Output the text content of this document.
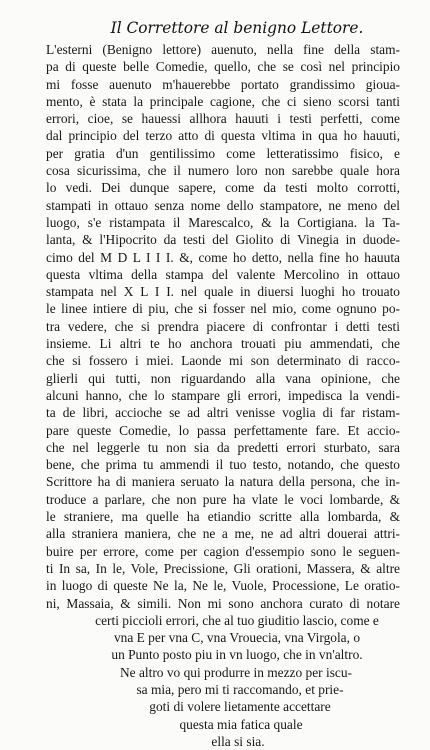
Il Correttore al benigno Lettore.
L'esterni (Benigno lettore) auenuto, nella fine della stam-
pa di queste belle Comedie, quello, che se così nel principio
mi fosse auenuto m'hauerebbe portato grandissimo gioua-
mento, è stata la principale cagione, che ci sieno scorsi tanti
errori, cioe, se hauessi allhora hauuti i testi perfetti, come
dal principio del terzo atto di questa vltima in qua ho hauuti,
per gratia d'un gentilissimo come letteratissimo fisico, e
cosa sicurissima, che il numero loro non sarebbe quale hora
lo vedi. Dei dunque sapere, come da testi molto corrotti,
stampati in ottauo senza nome dello stampatore, ne meno del
luogo, s'e ristampata il Marescalco, & la Cortigiana. la Ta-
lanta, & l'Hipocrito da testi del Giolito di Vinegia in duode-
cimo del M D L I I I. &, come ho detto, nella fine ho hauuta
questa vltima della stampa del valente Mercolino in ottauo
stampata nel X L I I. nel quale in diuersi luoghi ho trouato
le linee intiere di piu, che si fosser nel mio, come ognuno po-
tra vedere, che si prendra piacere di confrontar i detti testi
insieme. Li altri te ho anchora trouati piu ammendati, che
che si fossero i miei. Laonde mi son determinato di racco-
glierli qui tutti, non riguardando alla vana opinione, che
alcuni hanno, che lo stampare gli errori, impedisca la vendi-
ta de libri, accioche se ad altri venisse voglia di far ristam-
pare queste Comedie, lo passa perfettamente fare. Et accio-
che nel leggerle tu non sia da predetti errori sturbato, sara
bene, che prima tu ammendi il tuo testo, notando, che questo
Scrittore ha di maniera seruato la natura della persona, che in-
troduce a parlare, che non pure ha vlate le voci lombarde, &
le straniere, ma quelle ha etiandio scritte alla lombarda, &
alla straniera maniera, che ne a me, ne ad altri douerai attri-
buire per errore, come per cagion d'essempio sono le seguen-
ti In sa, In le, Vole, Precissione, Gli orationi, Massera, & altre
in luogo di queste Ne la, Ne le, Vuole, Processione, Le oratio-
ni, Massaia, & simili. Non mi sono anchora curato di notare
certi piccioli errori, che al tuo giuditio lascio, come e
vna E per vna C, vna Vrouecia, vna Virgola, o
un Punto posto piu in vn luogo, che in vn'altro.
Ne altro vo qui produrre in mezzo per iscu-
sa mia, pero mi ti raccomando, et prie-
goti di volere lietamente accettare
questa mia fatica quale
ella si sia.
